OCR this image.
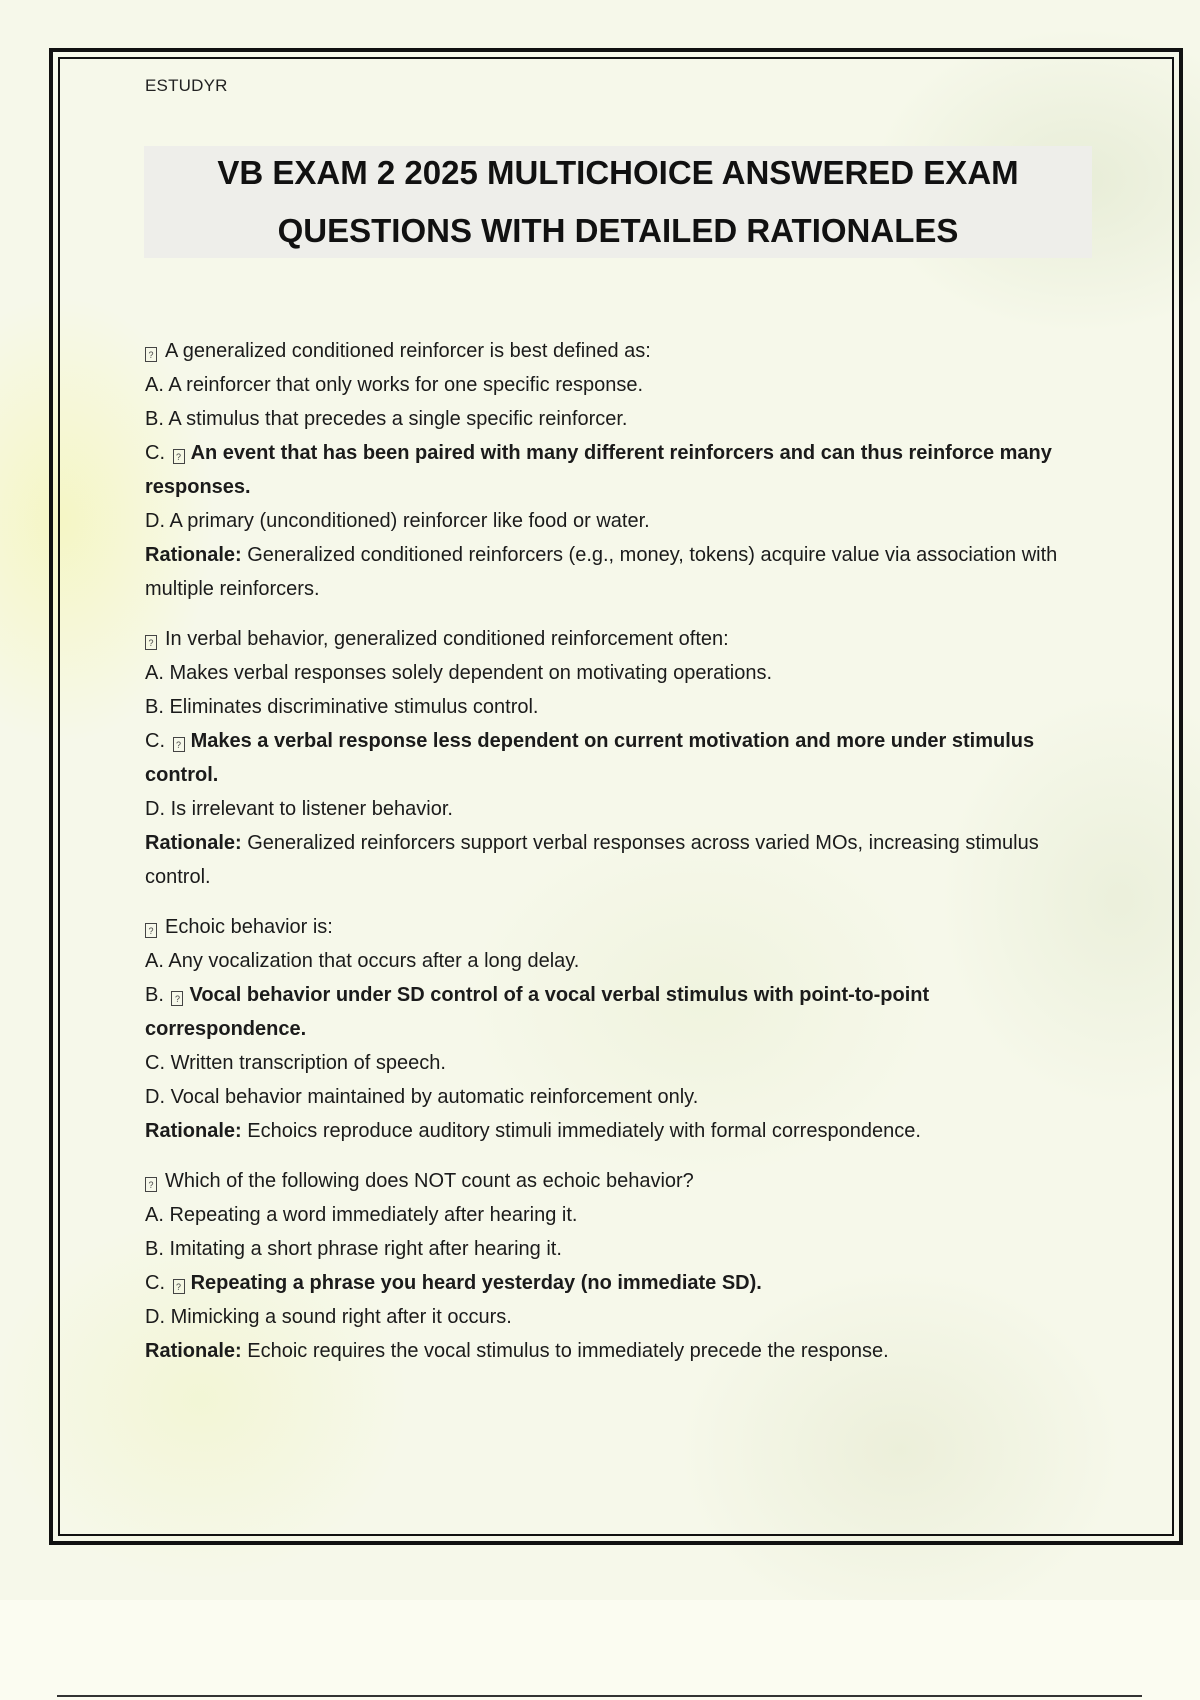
ESTUDYR
VB EXAM 2 2025 MULTICHOICE ANSWERED EXAM QUESTIONS WITH DETAILED RATIONALES

? A generalized conditioned reinforcer is best defined as:

A. A reinforcer that only works for one specific response.

B. A stimulus that precedes a single specific reinforcer.

C. ? An event that has been paired with many different reinforcers and can thus reinforce many responses.

D. A primary (unconditioned) reinforcer like food or water.

Rationale: Generalized conditioned reinforcers (e.g., money, tokens) acquire value via association with multiple reinforcers.

? In verbal behavior, generalized conditioned reinforcement often:

A. Makes verbal responses solely dependent on motivating operations.

B. Eliminates discriminative stimulus control.

C. ? Makes a verbal response less dependent on current motivation and more under stimulus control.

D. Is irrelevant to listener behavior.

Rationale: Generalized reinforcers support verbal responses across varied MOs, increasing stimulus control.

? Echoic behavior is:

A. Any vocalization that occurs after a long delay.

B. ? Vocal behavior under SD control of a vocal verbal stimulus with point-to-point correspondence.

C. Written transcription of speech.

D. Vocal behavior maintained by automatic reinforcement only.

Rationale: Echoics reproduce auditory stimuli immediately with formal correspondence.

? Which of the following does NOT count as echoic behavior?

A. Repeating a word immediately after hearing it.

B. Imitating a short phrase right after hearing it.

C. ? Repeating a phrase you heard yesterday (no immediate SD).

D. Mimicking a sound right after it occurs.

Rationale: Echoic requires the vocal stimulus to immediately precede the response.
